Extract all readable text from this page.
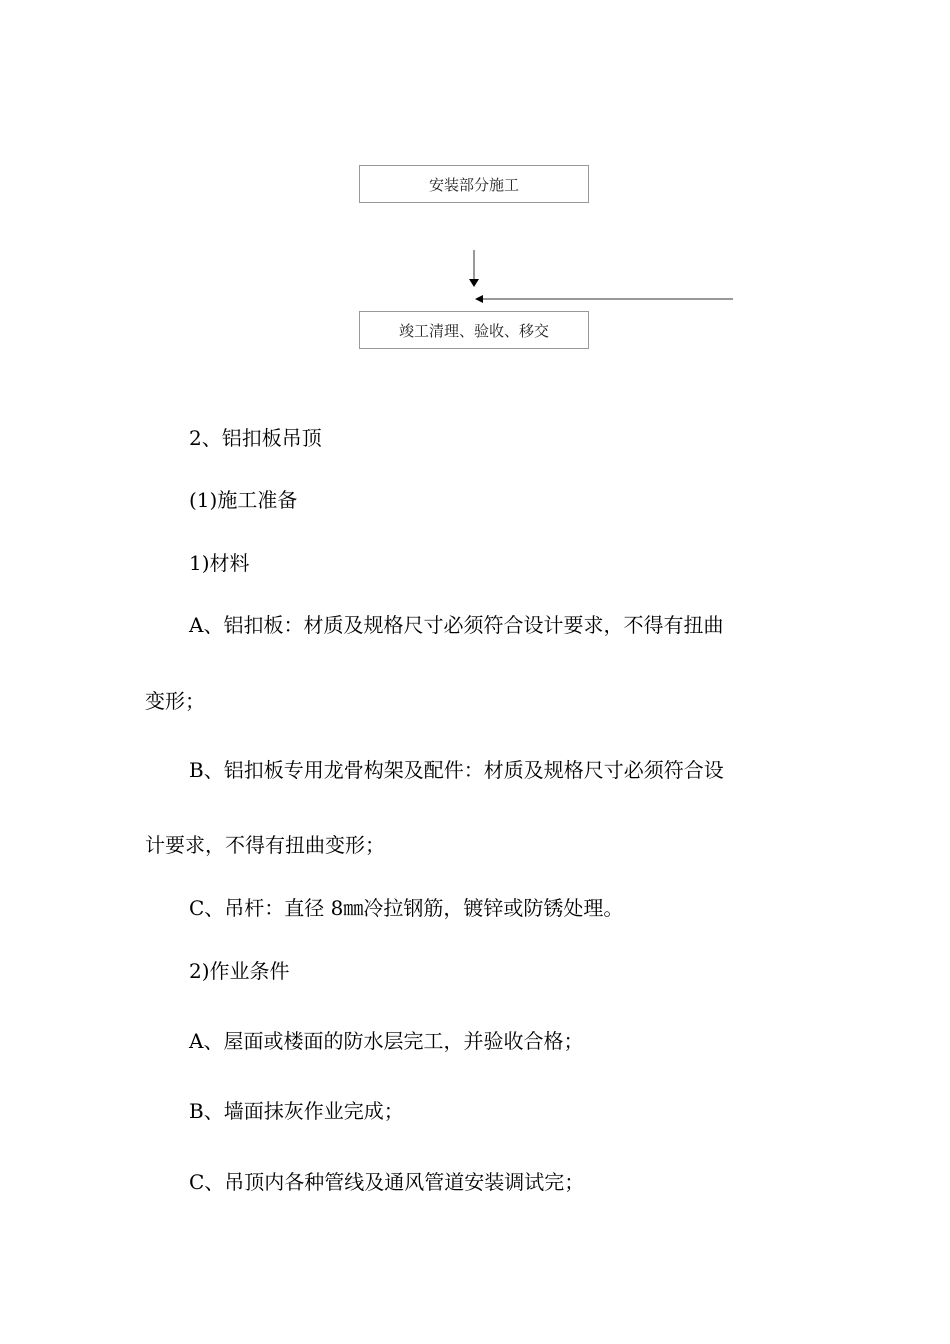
安装部分施工
竣工清理、验收、移交

2、铝扣板吊顶

(1)施工准备

1)材料

A、铝扣板：材质及规格尺寸必须符合设计要求，不得有扭曲

变形；

B、铝扣板专用龙骨构架及配件：材质及规格尺寸必须符合设

计要求，不得有扭曲变形；

C、吊杆：直径 8㎜冷拉钢筋，镀锌或防锈处理。

2)作业条件

A、屋面或楼面的防水层完工，并验收合格；

B、墙面抹灰作业完成；

C、吊顶内各种管线及通风管道安装调试完；
